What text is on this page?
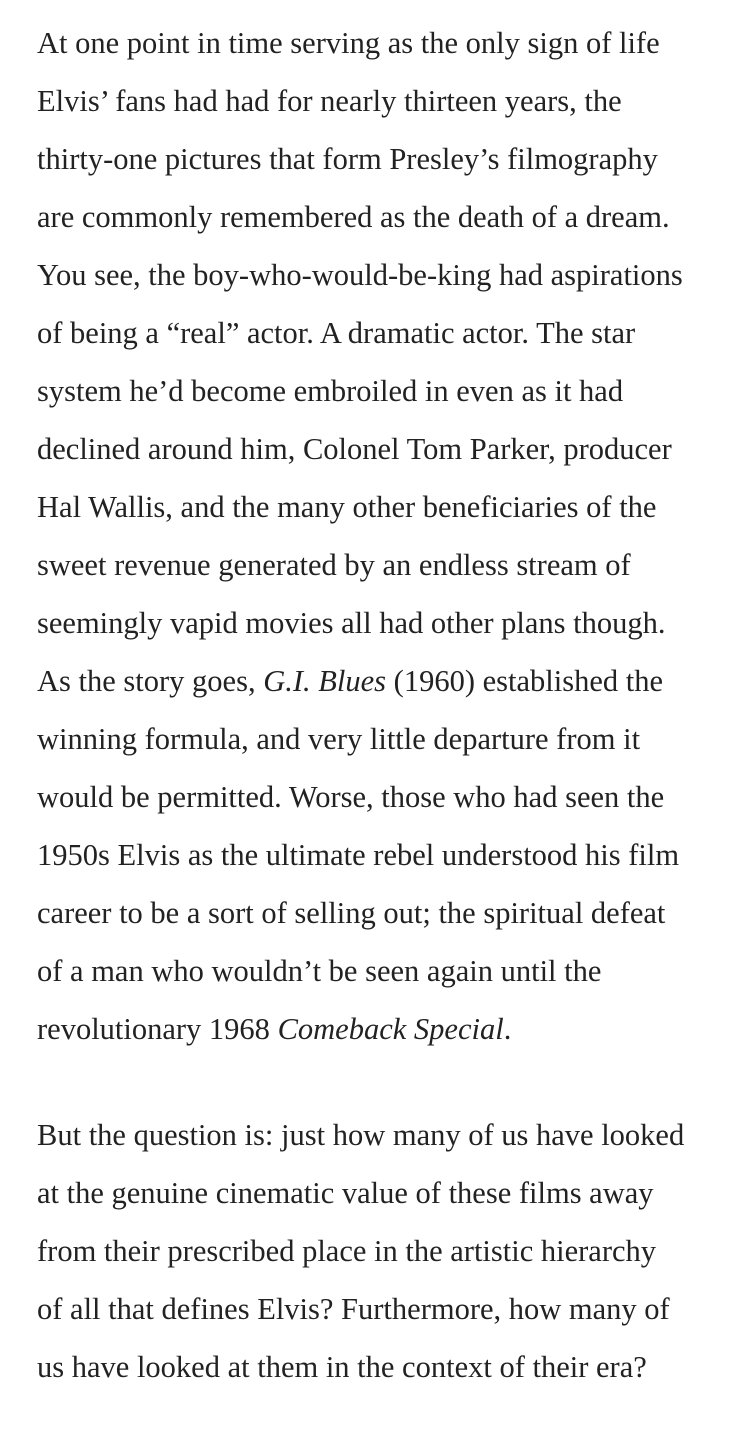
At one point in time serving as the only sign of life
Elvis’ fans had had for nearly thirteen years, the
thirty-one pictures that form Presley’s filmography
are commonly remembered as the death of a dream.
You see, the boy-who-would-be-king had aspirations
of being a “real” actor. A dramatic actor. The star
system he’d become embroiled in even as it had
declined around him, Colonel Tom Parker, producer
Hal Wallis, and the many other beneficiaries of the
sweet revenue generated by an endless stream of
seemingly vapid movies all had other plans though.
As the story goes, G.I. Blues (1960) established the
winning formula, and very little departure from it
would be permitted. Worse, those who had seen the
1950s Elvis as the ultimate rebel understood his film
career to be a sort of selling out; the spiritual defeat
of a man who wouldn’t be seen again until the
revolutionary 1968 Comeback Special.

But the question is: just how many of us have looked
at the genuine cinematic value of these films away
from their prescribed place in the artistic hierarchy
of all that defines Elvis? Furthermore, how many of
us have looked at them in the context of their era?
